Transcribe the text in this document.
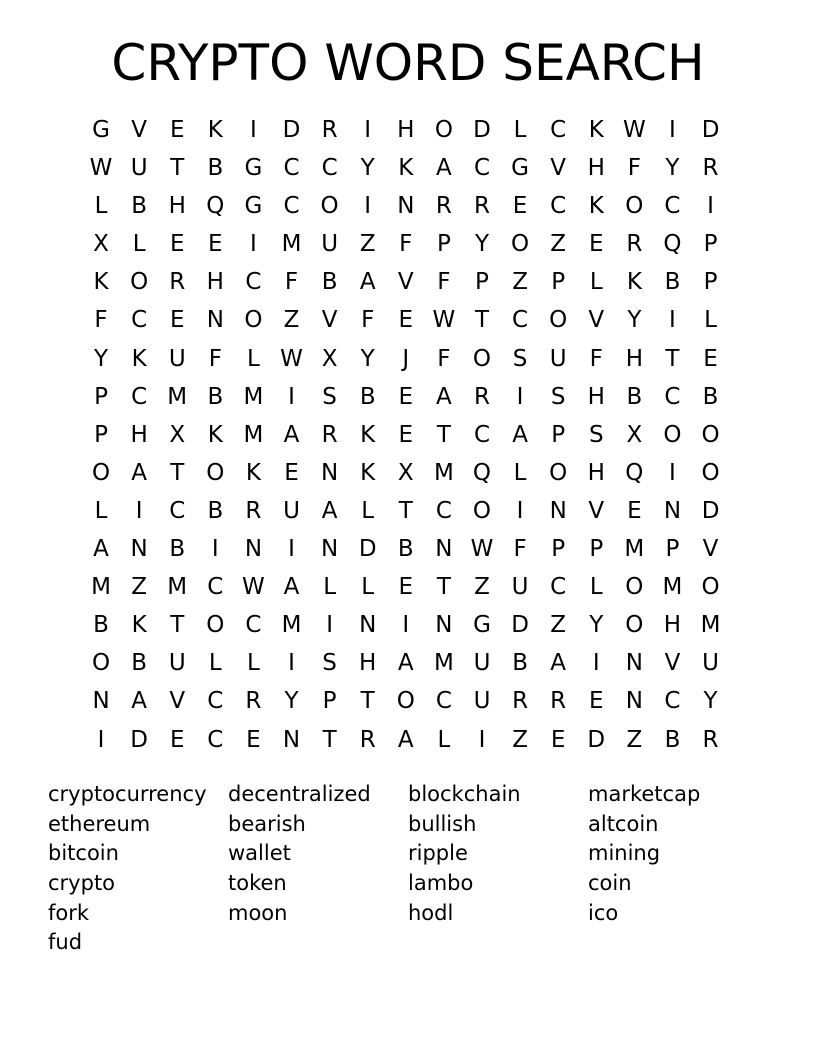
CRYPTO WORD SEARCH
G V E	K	I	D R	I	H O D L	C K W	I	D
W U T	B G C C	Y	K A C G V H F	Y	R
L	B H Q G C O	I	N R R E C K O C	I
X	L	E	E	I	M U Z	F	P	Y O Z E R Q P
K O R H C	F	B A V	F	P	Z	P	L	K B	P
F	C E N O Z V	F	E W T	C O V	Y	I	L
Y	K U	F	L W X	Y	J	F O S U	F H T	E
P	C M B M	I	S B E A R	I	S H B C B
P H X K M A R K	E	T	C A	P	S X O O
O A	T O K	E N K X M Q L O H Q	I	O
L	I	C B R U A	L	T	C O	I	N V E N D
A N B	I	N	I	N D B N W F	P	P M P	V
M Z M C W A	L	L	E	T	Z U C	L O M O
B K	T O C M	I	N	I	N G D Z	Y O H M
O B U	L	L	I	S H A M U B A	I	N V U
N A V C R	Y	P	T O C U R R E N C	Y
I	D E C E N T	R A	L	I	Z E D Z B R
cryptocurrency	decentralized	blockchain	marketcap
ethereum	bearish	bullish	altcoin
bitcoin	wallet	ripple	mining
crypto	token	lambo	coin
fork	moon	hodl	ico
fud
